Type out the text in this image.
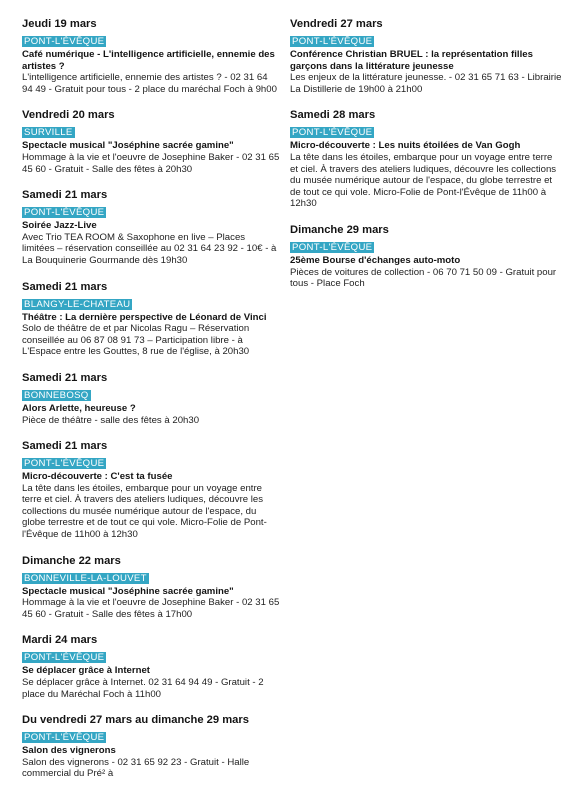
Jeudi 19 mars
PONT-L'ÉVÊQUE
Café numérique - L'intelligence artificielle, ennemie des artistes ?
L'intelligence artificielle, ennemie des artistes ? - 02 31 64 94 49 - Gratuit pour tous - 2 place du maréchal Foch à 9h00
Vendredi 20 mars
SURVILLE
Spectacle musical "Joséphine sacrée gamine"
Hommage à la vie et l'oeuvre de Josephine Baker - 02 31 65 45 60 - Gratuit - Salle des fêtes à 20h30
Samedi 21 mars
PONT-L'ÉVÊQUE
Soirée Jazz-Live
Avec Trio TEA ROOM & Saxophone en live – Places limitées – réservation conseillée au 02 31 64 23 92 - 10€ - à La Bouquinerie Gourmande dès 19h30
Samedi 21 mars
BLANGY-LE-CHATEAU
Théâtre : La dernière perspective de Léonard de Vinci
Solo de théâtre de et par Nicolas Ragu – Réservation conseillée au 06 87 08 91 73 – Participation libre - à L'Espace entre les Gouttes, 8 rue de l'église, à 20h30
Samedi 21 mars
BONNEBOSQ
Alors Arlette, heureuse ?
Pièce de théâtre - salle des fêtes à 20h30
Samedi 21 mars
PONT-L'ÉVÊQUE
Micro-découverte : C'est ta fusée
La tête dans les étoiles, embarque pour un voyage entre terre et ciel. À travers des ateliers ludiques, découvre les collections du musée numérique autour de l'espace, du globe terrestre et de tout ce qui vole. Micro-Folie de Pont-l'Évêque de 11h00 à 12h30
Dimanche 22 mars
BONNEVILLE-LA-LOUVET
Spectacle musical "Joséphine sacrée gamine"
Hommage à la vie et l'oeuvre de Josephine Baker - 02 31 65 45 60 - Gratuit - Salle des fêtes à 17h00
Mardi 24 mars
PONT-L'ÉVÊQUE
Se déplacer grâce à Internet
Se déplacer grâce à Internet. 02 31 64 94 49 - Gratuit - 2 place du Maréchal Foch à 11h00
Du vendredi 27 mars au dimanche 29 mars
PONT-L'ÉVÊQUE
Salon des vignerons
Salon des vignerons - 02 31 65 92 23 - Gratuit - Halle commercial du Pré² à
Vendredi 27 mars
PONT-L'ÉVÊQUE
Conférence Christian BRUEL : la représentation filles garçons dans la littérature jeunesse
Les enjeux de la littérature jeunesse. - 02 31 65 71 63 - Librairie La Distillerie de 19h00 à 21h00
Samedi 28 mars
PONT-L'ÉVÊQUE
Micro-découverte : Les nuits étoilées de Van Gogh
La tête dans les étoiles, embarque pour un voyage entre terre et ciel. À travers des ateliers ludiques, découvre les collections du musée numérique autour de l'espace, du globe terrestre et de tout ce qui vole. Micro-Folie de Pont-l'Évêque de 11h00 à 12h30
Dimanche 29 mars
PONT-L'ÉVÊQUE
25ème Bourse d'échanges auto-moto
Pièces de voitures de collection - 06 70 71 50 09 - Gratuit pour tous - Place Foch
